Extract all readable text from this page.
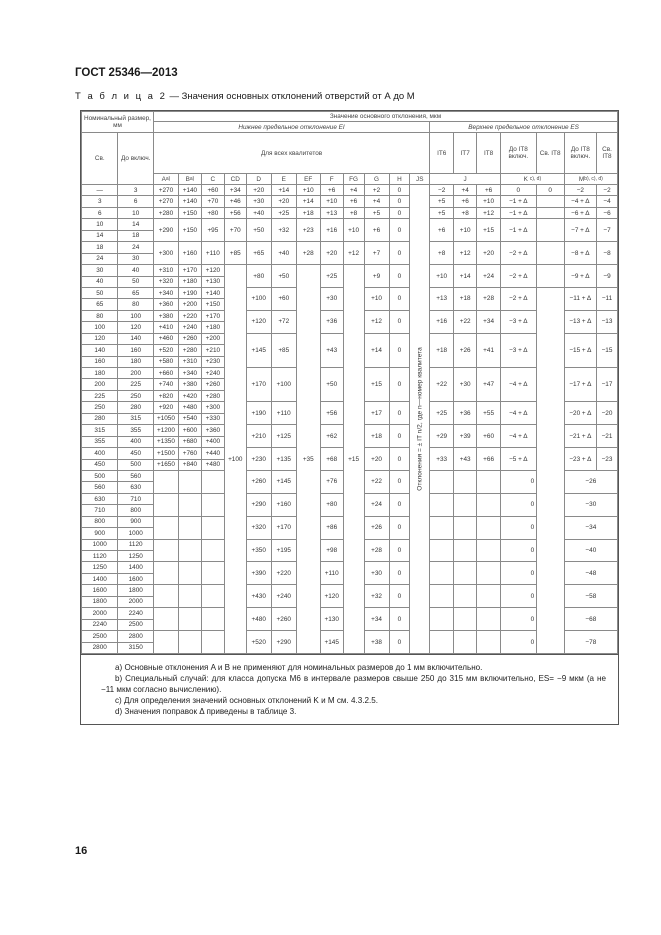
ГОСТ 25346—2013
Т а б л и ц а 2 — Значения основных отклонений отверстий от А до М
Номинальный размер, мм		Значение основного отклонения, мкм																		
		Нижнее предельное отклонение EI												Верхнее предельное отклонение ES						
Св.	До включ.	Для всех квалитетов												IT6	IT7	IT8	До IT8 включ.	Св. IT8	До IT8 включ.	Св. IT8
		$A^{a)}$	$B^{a)}$	C	CD	D	E	EF	F	FG	G	H	JS	J			K $^{c), d)}$		$M^{b), c), d)}$
—	3	+270	+140	+60	+34	+20	+14	+10	+6	+4	+2	0	Отклонения = ± IT n/2, где n—номер квалитета	−2	+4	+6	0	0	−2	−2
3	6	+270	+140	+70	+46	+30	+20	+14	+10	+6	+4	0		+5	+6	+10	−1 + Δ		−4 + Δ	−4
6	10	+280	+150	+80	+56	+40	+25	+18	+13	+8	+5	0		+5	+8	+12	−1 + Δ		−6 + Δ	−6
10	14	+290	+150	+95	+70	+50	+32	+23	+16	+10	+6	0		+6	+10	+15	−1 + Δ		−7 + Δ	−7
14	18																			
18	24	+300	+160	+110	+85	+65	+40	+28	+20	+12	+7	0		+8	+12	+20	−2 + Δ		−8 + Δ	−8
24	30																			
30	40	+310	+170	+120	+100	+80	+50	+35	+25	+15	+9	0		+10	+14	+24	−2 + Δ		−9 + Δ	−9
40	50	+320	+180	+130																
50	65	+340	+190	+140		+100	+60		+30		+10	0		+13	+18	+28	−2 + Δ		−11 + Δ	−11
65	80	+360	+200	+150																
80	100	+380	+220	+170		+120	+72		+36		+12	0		+16	+22	+34	−3 + Δ		−13 + Δ	−13
100	120	+410	+240	+180																
120	140	+460	+260	+200		+145	+85		+43		+14	0		+18	+26	+41	−3 + Δ		−15 + Δ	−15
140	160	+520	+280	+210																
160	180	+580	+310	+230																
180	200	+660	+340	+240		+170	+100		+50		+15	0		+22	+30	+47	−4 + Δ		−17 + Δ	−17
200	225	+740	+380	+260																
225	250	+820	+420	+280																
250	280	+920	+480	+300		+190	+110		+56		+17	0		+25	+36	+55	−4 + Δ		−20 + Δ	−20
280	315	+1050	+540	+330																
315	355	+1200	+600	+360		+210	+125		+62		+18	0		+29	+39	+60	−4 + Δ		−21 + Δ	−21
355	400	+1350	+680	+400																
400	450	+1500	+760	+440		+230	+135		+68		+20	0		+33	+43	+66	−5 + Δ		−23 + Δ	−23
450	500	+1650	+840	+480																
500	560					+260	+145		+76		+22	0					0		−26	
560	630																			
630	710					+290	+160		+80		+24	0					0		−30	
710	800																			
800	900					+320	+170		+86		+26	0					0		−34	
900	1000																			
1000	1120					+350	+195		+98		+28	0					0		−40	
1120	1250																			
1250	1400					+390	+220		+110		+30	0					0		−48	
1400	1600																			
1600	1800					+430	+240		+120		+32	0					0		−58	
1800	2000																			
2000	2240					+480	+260		+130		+34	0					0		−68	
2240	2500																			
2500	2800					+520	+290		+145		+38	0					0		−78	
2800	3150																			

a) Основные отклонения A и B не применяют для номинальных размеров до 1 мм включительно.

b) Специальный случай: для класса допуска M6 в интервале размеров свыше 250 до 315 мм включительно, ES= −9 мкм (а не −11 мкм согласно вычислению).

c) Для определения значений основных отклонений K и M см. 4.3.2.5.

d) Значения поправок Δ приведены в таблице 3.

16
